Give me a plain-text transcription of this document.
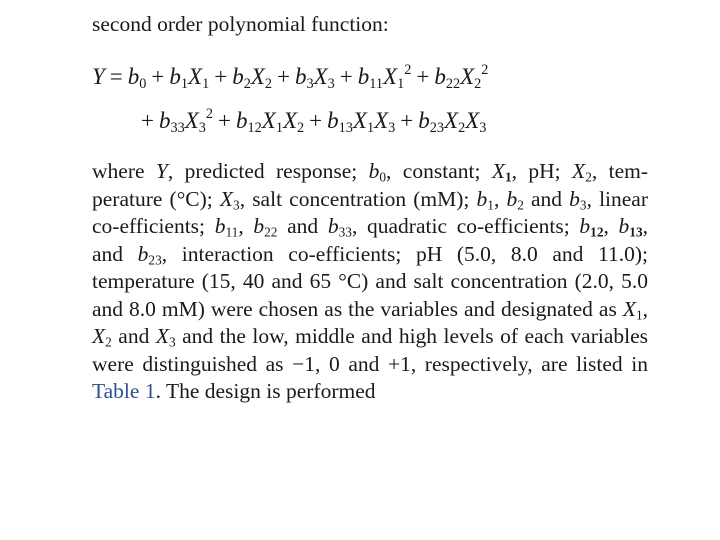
second order polynomial function:

$Y = b_0 + b_1X_1 + b_2X_2 + b_3X_3 + b_{11}X_1^2 + b_{22}X_2^2$
+ $b_{33}X_3^2 + b_{12}X_1X_2 + b_{13}X_1X_3 + b_{23}X_2X_3$

where Y, predicted response; $b_0$, constant; $X_1$, pH; $X_2$, tem-perature (°C); $X_3$, salt concentration (mM); $b_1$, $b_2$ and $b_3$, linear co-efficients; $b_{11}$, $b_{22}$ and $b_{33}$, quadratic co-efficients; $b_{12}$, $b_{13}$, and $b_{23}$, interaction co-efficients; pH (5.0, 8.0 and 11.0); temperature (15, 40 and 65 °C) and salt concentration (2.0, 5.0 and 8.0 mM) were chosen as the variables and designated as $X_1$, $X_2$ and $X_3$ and the low, middle and high levels of each variables were distinguished as −1, 0 and +1, respectively, are listed in Table 1. The design is performed
